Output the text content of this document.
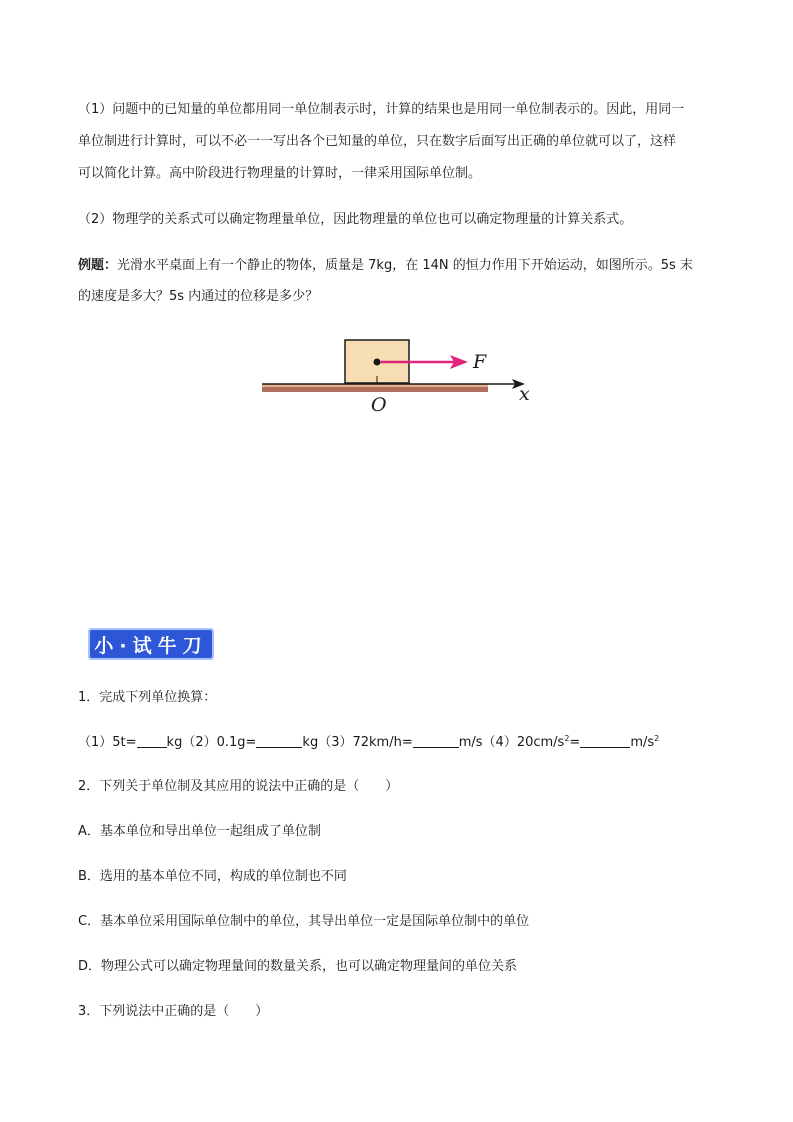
（1）问题中的已知量的单位都用同一单位制表示时，计算的结果也是用同一单位制表示的。因此，用同一
单位制进行计算时，可以不必一一写出各个已知量的单位，只在数字后面写出正确的单位就可以了，这样
可以简化计算。高中阶段进行物理量的计算时，一律采用国际单位制。
（2）物理学的关系式可以确定物理量单位，因此物理量的单位也可以确定物理量的计算关系式。
例题：光滑水平桌面上有一个静止的物体，质量是 7kg，在 14N 的恒力作用下开始运动，如图所示。5s 末
的速度是多大？5s 内通过的位移是多少？
F
O	x
小·试牛刀
1．完成下列单位换算：
（1）5t= kg（2）0.1g=	kg（3）72km/h=	$m/s(4)20cm/s^2=$	$m/s^2$
2．下列关于单位制及其应用的说法中正确的是（　　）
A．基本单位和导出单位一起组成了单位制
B．选用的基本单位不同，构成的单位制也不同
C．基本单位采用国际单位制中的单位，其导出单位一定是国际单位制中的单位
D．物理公式可以确定物理量间的数量关系，也可以确定物理量间的单位关系
3．下列说法中正确的是（　　）
